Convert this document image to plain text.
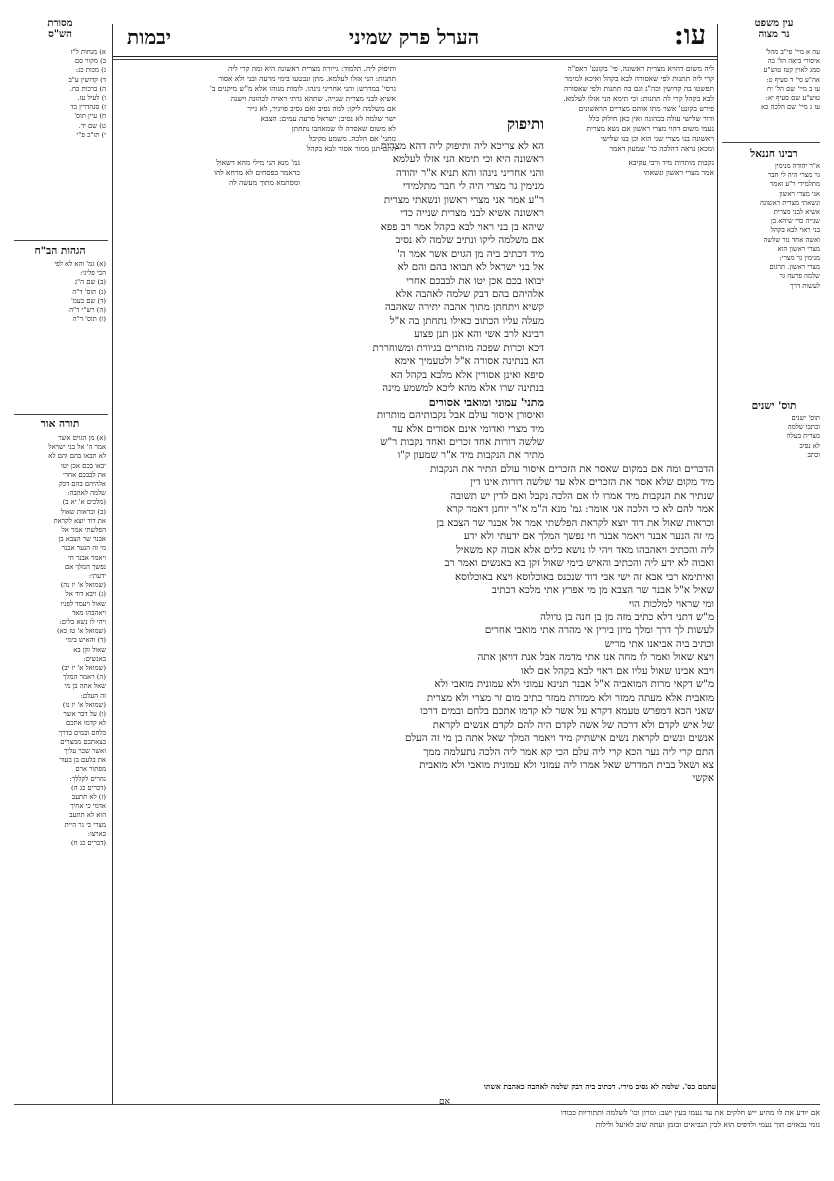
עו:
הערל פרק שמיני
יבמות
עין משפט
נר מצוה
עה א מיי' פי"ב מהל'
איסורי ביאה הל' כה
סמג לאוין קטז טוש"ע
אה"ע סי' ד סעיף ט:
עו ב מיי' שם הל' יח
טוש"ע שם סעיף יא:
עז ג מיי' שם הלכה כא
רבינו חננאל
א"ר יהודה מנימין
גר מצרי היה לי חבר
מתלמידי ר"ע ואמר
אני מצרי ראשון
ונשאתי מצרית ראשונה
אשיא לבני מצרית
שנייה כדי שיהא בן
בני ראוי לבא בקהל
ואשה אחד נזר שלשה
מצרי ראשון הוא
מנימין גר מצרי:
מצרי ראשון. תרגום
שלמה פרעה גר
לעשות דרך
תוס' ישנים
תוס' ישנים
וכתבו שלמה
מצרית בעלה
לא נסיב
וכתב
מסורת
הש"ס
א) מנחות ל"ז
ב) מקור סם
ג) מכות כג:
ד) קדושין ע"ב
ה) ברכות כח.
ו) לעיל עז.
ז) סנהדרין כד
ח) עיין תוס'
ט) שם יד.
י) תו"כ פ"י
הגהות הב"ח
(א) גמ' והא לא לפי
הכי פליגי:
(ב) שם ה"ג
(ג) תוס' ד"ה
(ד) שם בעמ'
(ה) רש"י ד"ה
(ו) תוס' ד"ה
תורה אור
(א) מן הגוים אשר
אמר ה' אל בני ישראל
לא תבאו בהם והם לא
יבאו בכם אכן יטו
את לבבכם אחרי
אלהיהם בהם דבק
שלמה לאהבה:
(מלכים א' יא ב)
(ב) וכראות שאול
את דוד יוצא לקראת
הפלשתי אמר אל
אבנר שר הצבא בן
מי זה הנער אבנר
ויאמר אבנר חי
נפשך המלך אם
ידעתי:
(שמואל א' יז נה)
(ג) ויבא דוד אל
שאול ויעמד לפניו
ויאהבהו מאד
ויהי לו נשא כלים:
(שמואל א' טז כא)
(ד) והאיש בימי
שאול זקן בא
באנשים:
(שמואל א' יז יב)
(ה) ויאמר המלך
שאל אתה בן מי
זה העלם:
(שמואל א' יז נו)
(ו) על דבר אשר
לא קדמו אתכם
בלחם ובמים בדרך
בצאתכם ממצרים
ואשר שכר עליך
את בלעם בן בעור
מפתור ארם
נהרים לקללך:
(דברים כג ה)
(ז) לא תתעב
אדמי כי אחיך
הוא לא תתעב
מצרי כי גר היית
בארצו:
(דברים כג ח)
ליה משום דהויא מצרית ראשונה. פי' בקונט' דאפ"ה
קרי ליה תתנות לפי שאסורה לבא בקהל ואיכא למימר
תפשטו בה קדושין וכה"ג וגם בה תתנות ולפי שאסורה
לבא בקהל קרי לה תתנות: וכי תימא הני אזלו לעלמא.
פירש בקונט' אשר מתו אותם מצריים הראשונים
ודור שלישי עולה בכהונה ואין כאן חילוק כלל
נעמי משום דהוי מצרי ראשון אם נשא מצרית
ראשונה בנו מצרי שני הוא וכן בנו שלישי
ומכאן נראה דהלכה כר' שמעון דאמר
ותיפוק ליה. תלמוד: גייורה מצרית ראשונה היא ומה קרי ליה
תתנות: הני אזלו לעלמא. מתן ונבטעו בימי מרעה ובני ולא אסור
גרסי' במדרש: והני אחריני נינהו. לומות מנוהו אלא מ"ש מיקנים ב'
אשיא לבני מצרית שנייה. שתהא גרתי ראויה לכהונה וישנה
אם משלמה ליקו: למה נסיב ואם נסיב פויגיר, לא גייר
ישר שלמה לא נסיב: ישראל פרעה עמים: הצבא
לא משום שאסרה לו שמאהבו נתחתן
מתני' אם הלכה. משמע מקיבל
התם תנן ממזר אסור לבא בקהל
נקבות מותרות מיד ורבי עקיבא
אמר מצרי ראשון ונשאתי
גמ' מנא הני מילי מהא דשאול
כדאמר בפסחים לא מרחא להו
ומסתמא מתוך מעשה לה
ותיפוק
הא לא צריכא ליה ותיפוק ליה דהא מצרית
ראשונה היא וכי תימא הני אזלו לעלמא
והני אחריני נינהו והא תניא א"ר יהודה
מנימין גר מצרי היה לי חבר מתלמידי
ר"ע אמר אני מצרי ראשון ונשאתי מצרית
ראשונה אשיא לבני מצרית שנייה כדי
שיהא בן בני ראוי לבא בקהל אמר רב פפא
אם משלמה ליקו ונתיב שלמה לא נסיב
מיד דכתיב ביה מן הגוים אשר אמר ה'
אל בני ישראל לא תבואו בהם והם לא
יבואו בכם אכן יטו את לבבכם אחרי
אלהיהם בהם דבק שלמה לאהבה אלא
קשיא ויתחתן מתוך אהבה יתירה שאהבה
מעלה עליו הכתוב כאילו נתחתן בה א"ל
רבינא לרב אשי והא אנן תנן פצוע
דכא וכרות שפכה מותרים בגיורת ומשוחררת
הא בנתינה אסורה א"ל ולטעמיך אימא
סיפא ואינן אסורין אלא מלבא בקהל הא
בנתינה שרו אלא מהא ליכא למשמע מינה
מתני' עמוני ומואבי אסורים
ואיסורן איסור עולם אבל נקבותיהם מותרות
מיד מצרי ואדומי אינם אסורים אלא עד
שלשה דורות אחד זכרים ואחד נקבות ר"ש
מתיר את הנקבות מיד א"ר שמעון ק"ו
הדברים ומה אם במקום שאסר את הזכרים איסור עולם התיר את הנקבות
מיד מקום שלא אסר את הזכרים אלא עד שלשה דורות אינו דין
שנתיר את הנקבות מיד אמרו לו אם הלכה נקבל ואם לדין יש תשובה
אמר להם לא כי הלכה אני אומר: גמ' מנא ה"מ א"ר יוחנן דאמר קרא
וכראות שאול את דוד יוצא לקראת הפלשתי אמר אל אבנר שר הצבא בן
מי זה הנער אבנר ויאמר אבנר חי נפשך המלך אם ידעתי ולא ידע
ליה והכתיב ויאהבהו מאד ויהי לו נושא כלים אלא אבוה קא משאיל
ואבוה לא ידע ליה והכתיב והאיש בימי שאול זקן בא באנשים ואמר רב
ואיתימא רבי אבא זה ישי אבי דוד שנכנס באוכלוסא ויצא באוכלוסא
שאיל א"ל אבנר שר הצבא מן מי אפרץ אתי מלכא דכתיב
ומי שראוי למלכות הוי
מ"ש דתני דלא כתיב מזה מן בן חנה בן גדולה
לעשות לך דרך ומלך מיזן בירין אי מהרה אתי מואבי אחרים
וכתיב ביה אביאנו אתי מריש
ויצא שאול ואמר לו מחה אנו אתי מדמה אבל אנת דויאן אתה
ויבא אבינו שאול עליו אם ראוי לבא בקהל אם לאו
מ"ש דקאי מרות המואביה א"ל אבנר תנינא עמוני ולא עמונית מואבי ולא
מואבית אלא מעתה ממזר ולא ממזרת ממזר כתיב מום זר מצרי ולא מצרית
שאני הכא דמפרש טעמא דקרא על אשר לא קדמו אתכם בלחם ובמים דרכו
של איש לקדם ולא דרכה של אשה לקדם היה להם לקדם אנשים לקראת
אנשים ונשים לקראת נשים אישתיק מיד ויאמר המלך שאל אתה בן מי זה העלם
התם קרי ליה נער הכא קרי ליה עלם הכי קא אמר ליה הלכה נתעלמה ממך
צא ושאל בבית המדרש שאל אמרו ליה עמוני ולא עמונית מואבי ולא מואבית
אקשי
עתמם כס'. שלמה לא נסיב מידי. דכתיב ביה דבק שלמה לאהבה כאהבת אשתו
אם יודע את לו מהיע ייש חלקים את עד נעמו בעין ישב: ומרון וכו' לשלמה ותתוריות כבודו
נזמי נבאזים תוך נעמי ולדפיס הוא לבין הנביאים ובזמן ועתה שוב לאיעל ולילות
אם
